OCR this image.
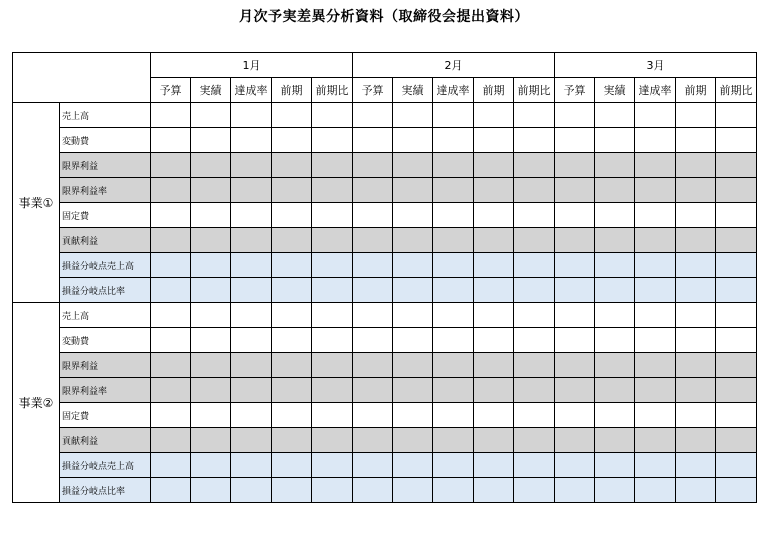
月次予実差異分析資料（取締役会提出資料）
		1月					2月					3月				
		予算	実績	達成率	前期	前期比	予算	実績	達成率	前期	前期比	予算	実績	達成率	前期	前期比
事業①	売上高															
	変動費															
	限界利益															
	限界利益率															
	固定費															
	貢献利益															
	損益分岐点売上高															
	損益分岐点比率															
事業②	売上高															
	変動費															
	限界利益															
	限界利益率															
	固定費															
	貢献利益															
	損益分岐点売上高															
	損益分岐点比率															
